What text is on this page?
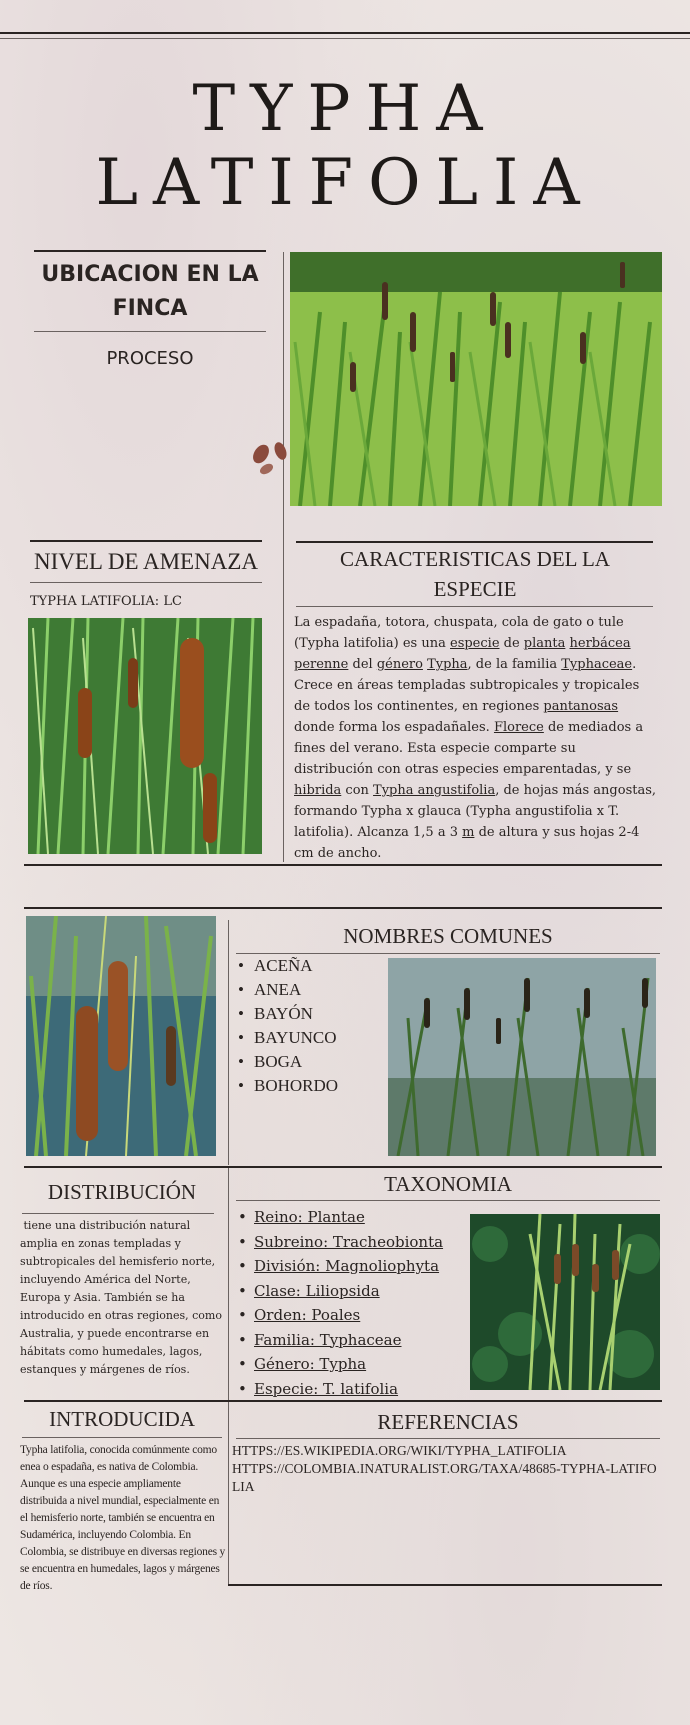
TYPHA LATIFOLIA
UBICACION EN LA FINCA
PROCESO
NIVEL DE AMENAZA
TYPHA LATIFOLIA: LC
CARACTERISTICAS DEL LA ESPECIE
La espadaña, totora, chuspata, cola de gato o tule (Typha latifolia) es una especie de planta herbácea perenne del género Typha, de la familia Typhaceae. Crece en áreas templadas subtropicales y tropicales de todos los continentes, en regiones pantanosas donde forma los espadañales. Florece de mediados a fines del verano. Esta especie comparte su distribución con otras especies emparentadas, y se hibrida con Typha angustifolia, de hojas más angostas, formando Typha x glauca (Typha angustifolia x T. latifolia). Alcanza 1,5 a 3 m de altura y sus hojas 2-4 cm de ancho.
NOMBRES COMUNES
• ACEÑA
• ANEA
• BAYÓN
• BAYUNCO
• BOGA
• BOHORDO
DISTRIBUCIÓN
tiene una distribución natural amplia en zonas templadas y subtropicales del hemisferio norte, incluyendo América del Norte, Europa y Asia. También se ha introducido en otras regiones, como Australia, y puede encontrarse en hábitats como humedales, lagos, estanques y márgenes de ríos.
TAXONOMIA
• Reino: Plantae
• Subreino: Tracheobionta
• División: Magnoliophyta
• Clase: Liliopsida
• Orden: Poales
• Familia: Typhaceae
• Género: Typha
• Especie: T. latifolia
INTRODUCIDA
Typha latifolia, conocida comúnmente como enea o espadaña, es nativa de Colombia. Aunque es una especie ampliamente distribuida a nivel mundial, especialmente en el hemisferio norte, también se encuentra en Sudamérica, incluyendo Colombia. En Colombia, se distribuye en diversas regiones y se encuentra en humedales, lagos y márgenes de ríos.
REFERENCIAS
HTTPS://ES.WIKIPEDIA.ORG/WIKI/TYPHA_LATIFOLIA
HTTPS://COLOMBIA.INATURALIST.ORG/TAXA/48685-TYPHA-LATIFOLIA
